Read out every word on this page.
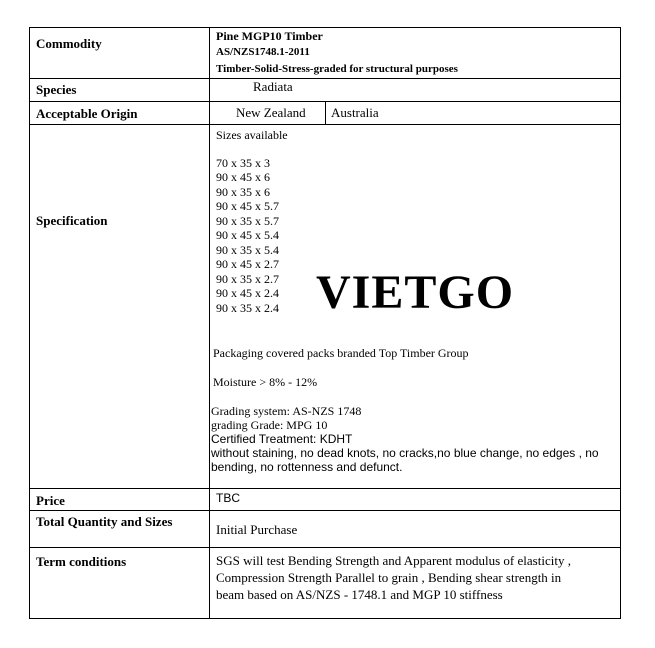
Commodity
Species
Acceptable Origin
Specification
Price
Total Quantity and Sizes
Term conditions
Pine MGP10 Timber
AS/NZS1748.1-2011
Timber-Solid-Stress-graded for structural purposes
Radiata
New Zealand Australia
Sizes available
70 x 35 x 3
90 x 45 x 6
90 x 35 x 6
90 x 45 x 5.7
90 x 35 x 5.7
90 x 45 x 5.4
90 x 35 x 5.4
90 x 45 x 2.7
90 x 35 x 2.7
90 x 45 x 2.4
90 x 35 x 2.4 VIETGO
Packaging covered packs branded Top Timber Group
Moisture > 8% - 12%
Grading system: AS-NZS 1748
grading Grade: MPG 10
Certified Treatment: KDHT
without staining, no dead knots, no cracks,no blue change, no edges , no
bending, no rottenness and defunct.
TBC
Initial Purchase
SGS will test Bending Strength and Apparent modulus of elasticity ,
Compression Strength Parallel to grain , Bending shear strength in
beam based on AS/NZS - 1748.1 and MGP 10 stiffness
